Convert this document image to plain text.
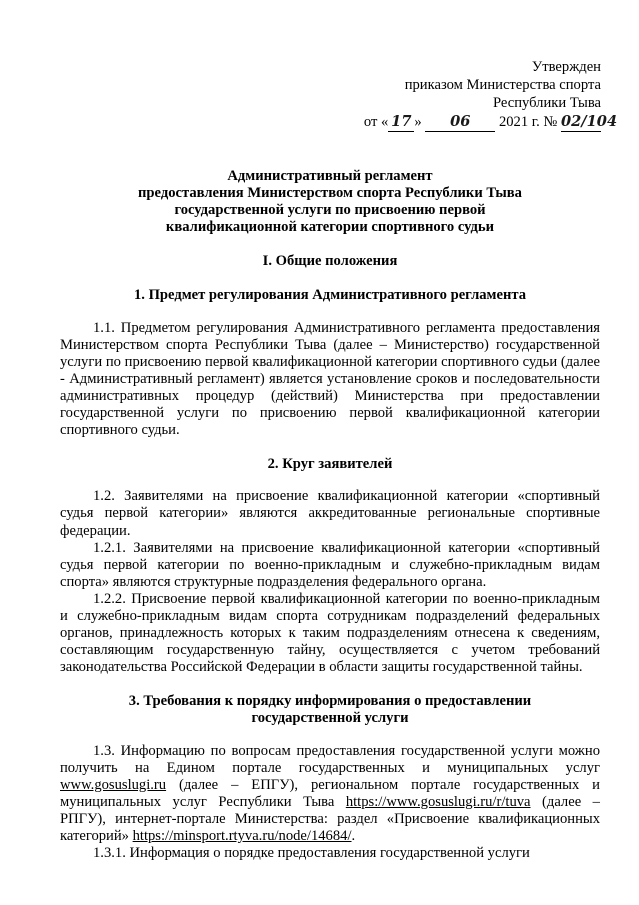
Утвержден
приказом Министерства спорта
Республики Тыва
от « 17 » 06 2021 г. № 02/104
Административный регламент
предоставления Министерством спорта Республики Тыва
государственной услуги по присвоению первой
квалификационной категории спортивного судьи
I. Общие положения
1. Предмет регулирования Административного регламента

1.1. Предметом регулирования Административного регламента предоставления Министерством спорта Республики Тыва (далее – Министерство) государственной услуги по присвоению первой квалификационной категории спортивного судьи (далее - Административный регламент) является установление сроков и последовательности административных процедур (действий) Министерства при предоставлении государственной услуги по присвоению первой квалификационной категории спортивного судьи.

2. Круг заявителей

1.2. Заявителями на присвоение квалификационной категории «спортивный судья первой категории» являются аккредитованные региональные спортивные федерации.

1.2.1. Заявителями на присвоение квалификационной категории «спортивный судья первой категории по военно-прикладным и служебно-прикладным видам спорта» являются структурные подразделения федерального органа.

1.2.2. Присвоение первой квалификационной категории по военно-прикладным и служебно-прикладным видам спорта сотрудникам подразделений федеральных органов, принадлежность которых к таким подразделениям отнесена к сведениям, составляющим государственную тайну, осуществляется с учетом требований законодательства Российской Федерации в области защиты государственной тайны.

3. Требования к порядку информирования о предоставлении
государственной услуги

1.3. Информацию по вопросам предоставления государственной услуги можно получить на Едином портале государственных и муниципальных услуг www.gosuslugi.ru (далее – ЕПГУ), региональном портале государственных и муниципальных услуг Республики Тыва https://www.gosuslugi.ru/r/tuva (далее – РПГУ), интернет-портале Министерства: раздел «Присвоение квалификационных категорий» https://minsport.rtyva.ru/node/14684/.

1.3.1. Информация о порядке предоставления государственной услуги
